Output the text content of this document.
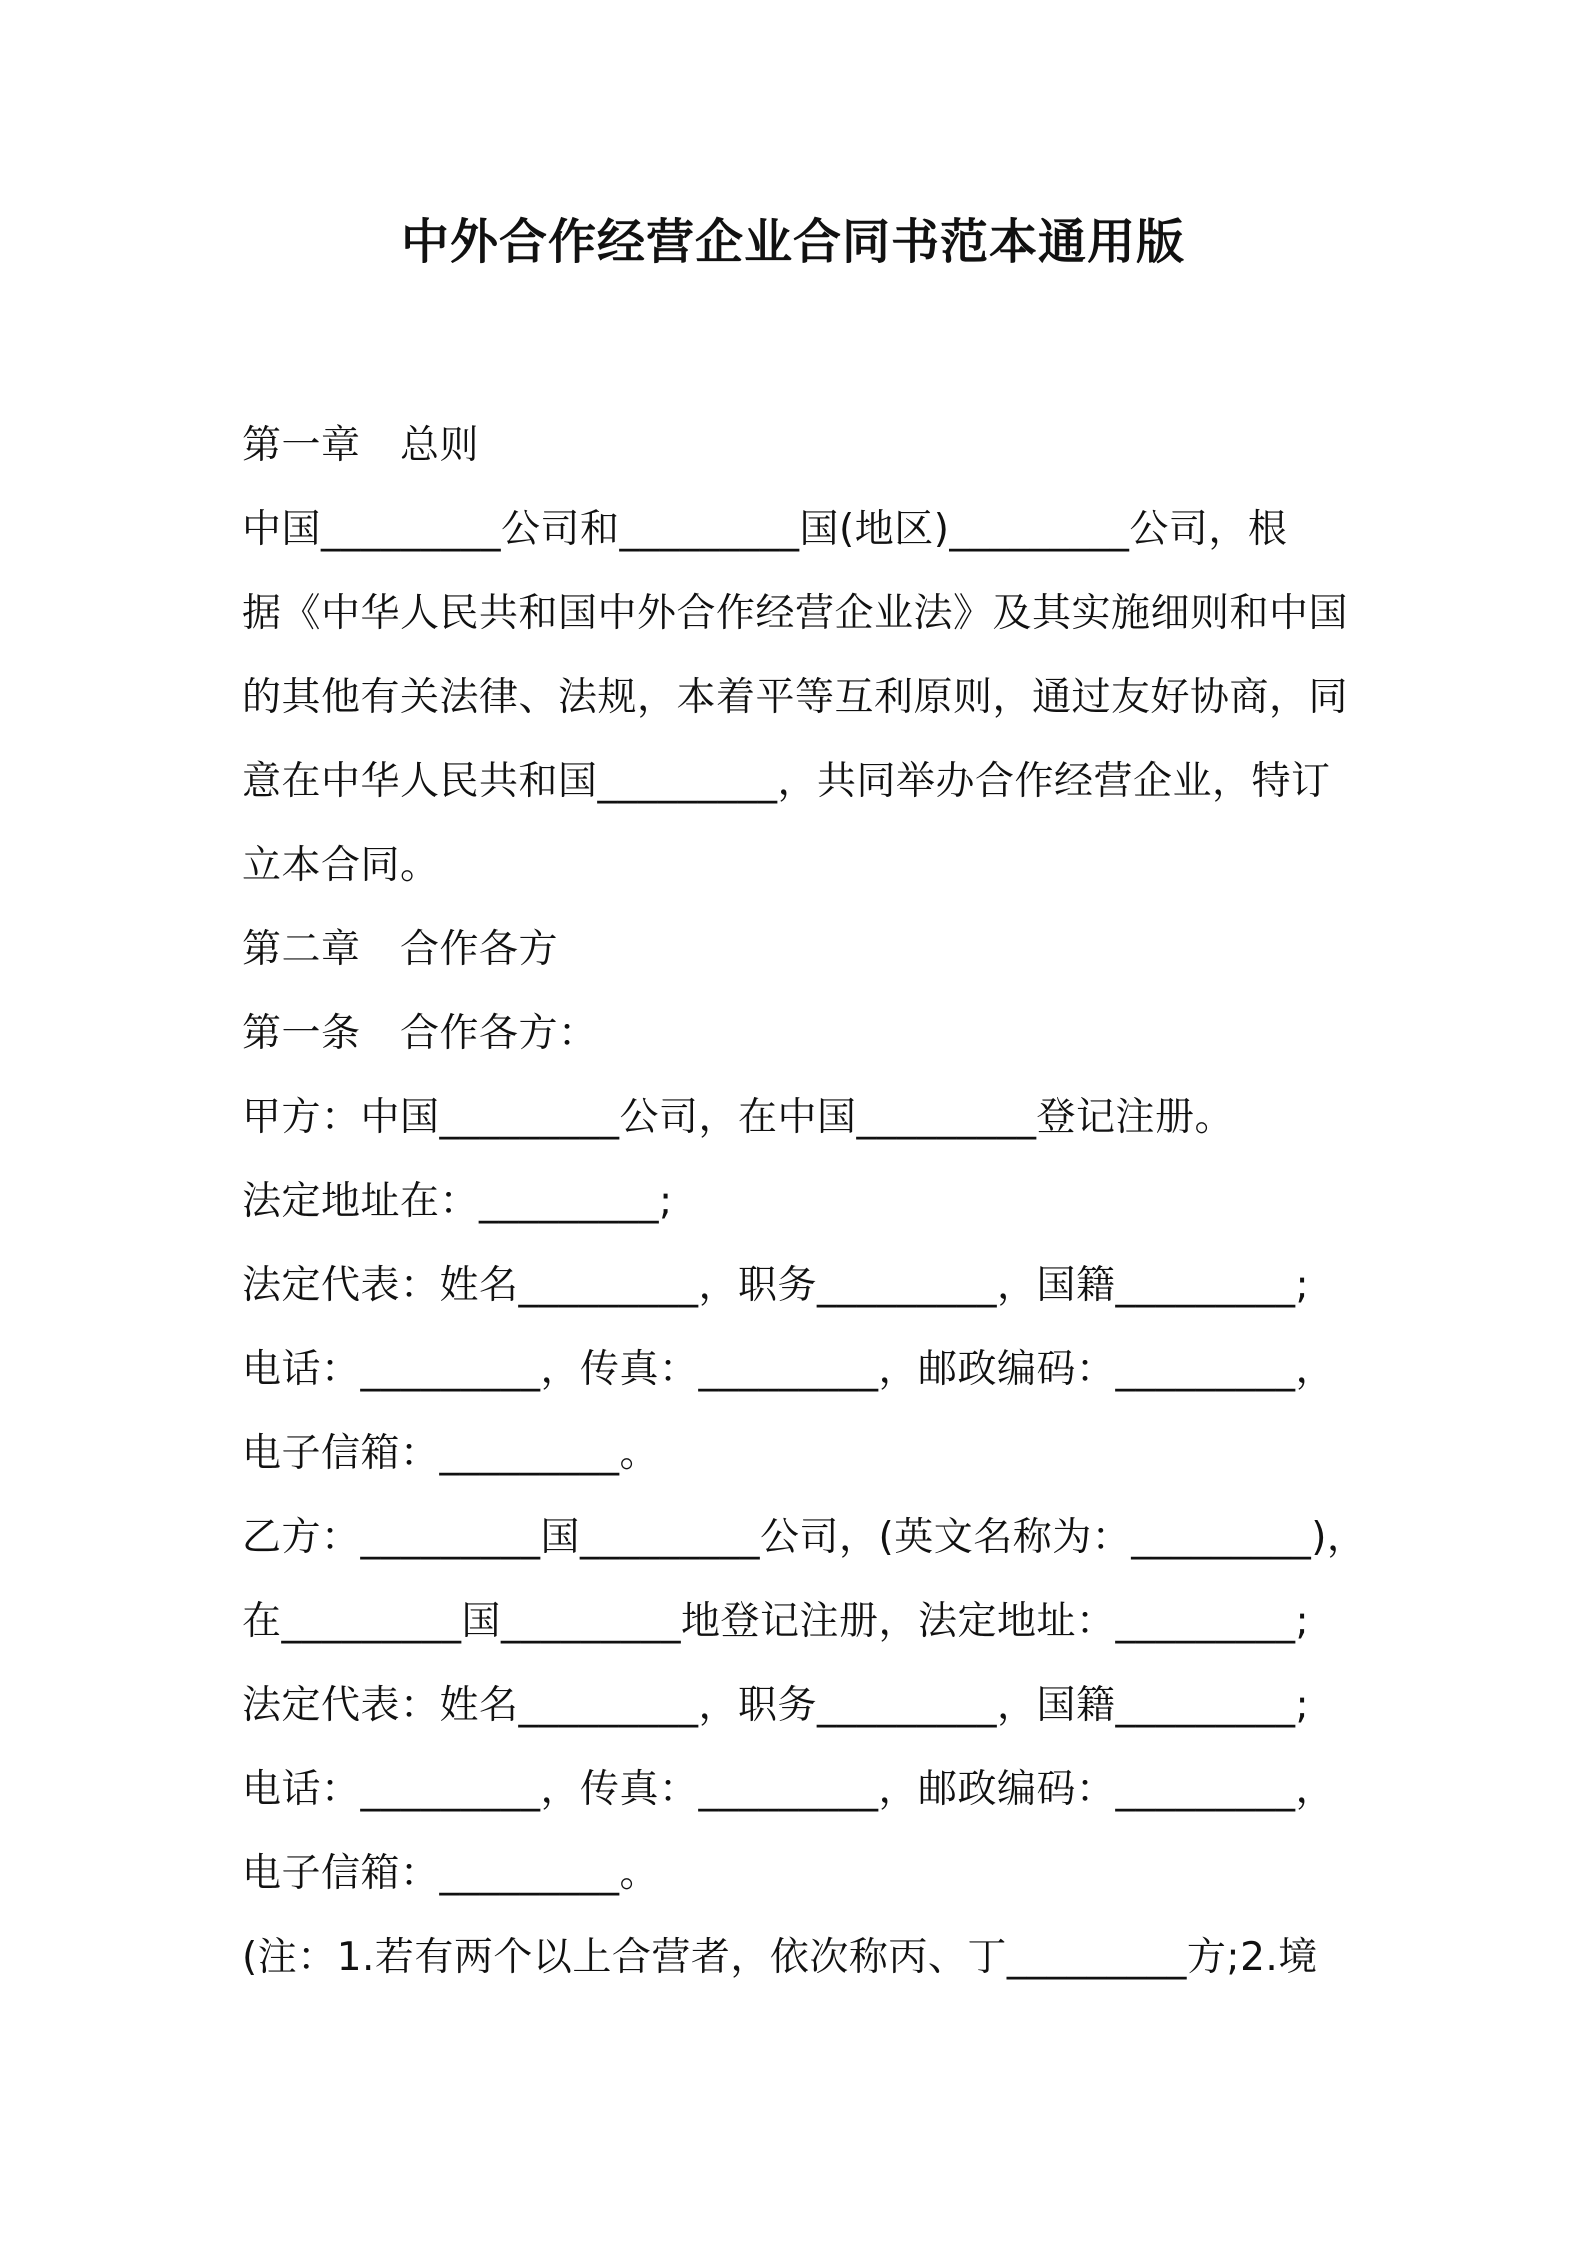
中外合作经营企业合同书范本通用版
第一章　总则
中国_________公司和_________国(地区)_________公司，根
据《中华人民共和国中外合作经营企业法》及其实施细则和中国
的其他有关法律、法规，本着平等互利原则，通过友好协商，同
意在中华人民共和国_________，共同举办合作经营企业，特订
立本合同。
第二章　合作各方
第一条　合作各方：
甲方：中国_________公司，在中国_________登记注册。
法定地址在：_________;
法定代表：姓名_________，职务_________，国籍_________;
电话：_________，传真：_________，邮政编码：_________，
电子信箱：_________。
乙方：_________国_________公司，(英文名称为：_________)，
在_________国_________地登记注册，法定地址：_________;
法定代表：姓名_________，职务_________，国籍_________;
电话：_________，传真：_________，邮政编码：_________，
电子信箱：_________。
(注：1.若有两个以上合营者，依次称丙、丁_________方;2.境
